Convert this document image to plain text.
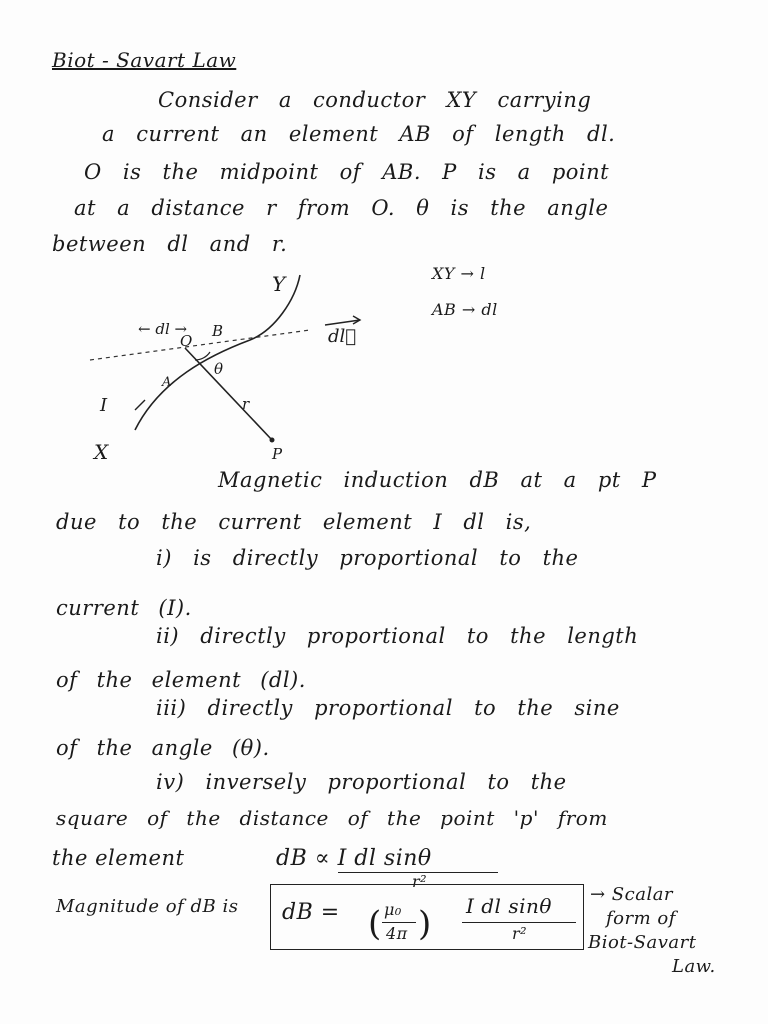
Biot - Savart Law
Consider a conductor XY carrying
a current an element AB of length dl.
O is the midpoint of AB. P is a point
at a distance r from O. θ is the angle
between dl and r.
XY → l
AB → dl
Y
X
I
← dl → B
O
A
θ
r
P
dl⃗
Magnetic induction dB at a pt P
due to the current element I dl is,
i) is directly proportional to the
current (I).
ii) directly proportional to the length
of the element (dl).
iii) directly proportional to the sine
of the angle (θ).
iv) inversely proportional to the
square of the distance of the point 'p' from
the element	dB ∝ I dl sinθ
r²
Magnitude of dB is dB = ( μ₀
4π ) I dl sinθ
r²
→ Scalar
form of
Biot-Savart
Law.
